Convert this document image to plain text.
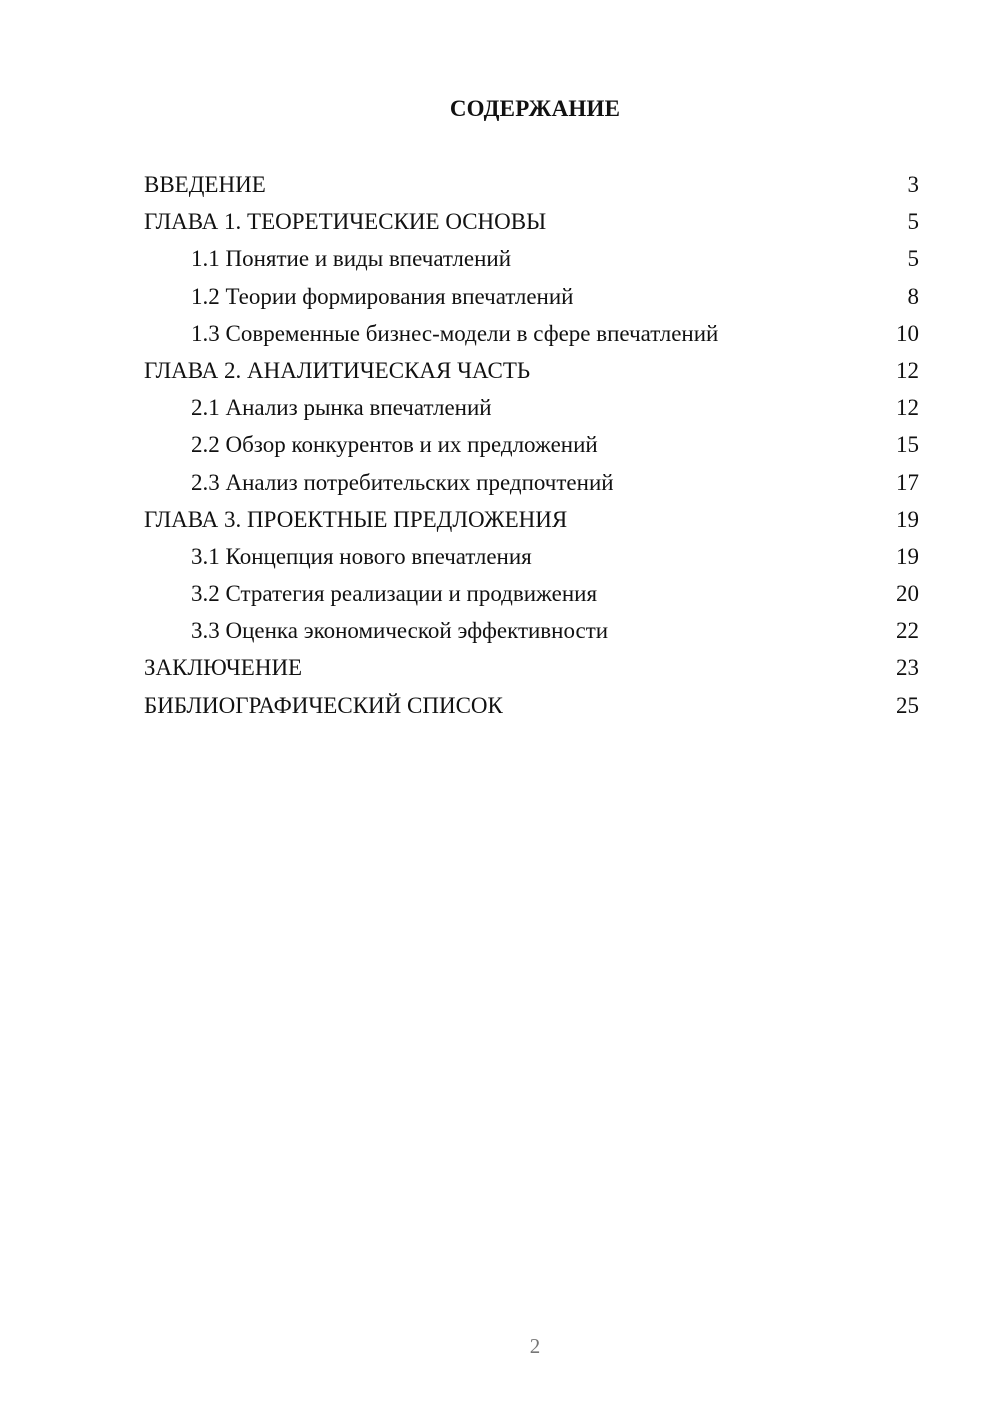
СОДЕРЖАНИЕ
ВВЕДЕНИЕ	3
ГЛАВА 1. ТЕОРЕТИЧЕСКИЕ ОСНОВЫ	5
1.1 Понятие и виды впечатлений	5
1.2 Теории формирования впечатлений	8
1.3 Современные бизнес-модели в сфере впечатлений	10
ГЛАВА 2. АНАЛИТИЧЕСКАЯ ЧАСТЬ	12
2.1 Анализ рынка впечатлений	12
2.2 Обзор конкурентов и их предложений	15
2.3 Анализ потребительских предпочтений	17
ГЛАВА 3. ПРОЕКТНЫЕ ПРЕДЛОЖЕНИЯ	19
3.1 Концепция нового впечатления	19
3.2 Стратегия реализации и продвижения	20
3.3 Оценка экономической эффективности	22
ЗАКЛЮЧЕНИЕ	23
БИБЛИОГРАФИЧЕСКИЙ СПИСОК	25
2
